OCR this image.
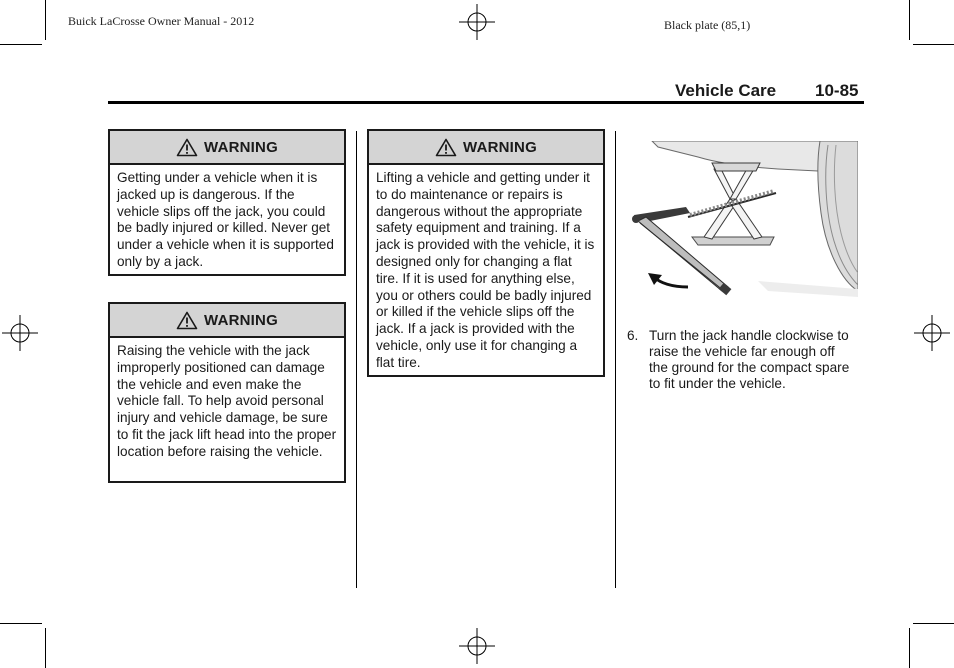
Buick LaCrosse Owner Manual - 2012	Black plate (85,1)
Vehicle Care 10-85
WARNING
Getting under a vehicle when it is jacked up is dangerous. If the vehicle slips off the jack, you could be badly injured or killed. Never get under a vehicle when it is supported only by a jack.
WARNING
Raising the vehicle with the jack improperly positioned can damage the vehicle and even make the vehicle fall. To help avoid personal injury and vehicle damage, be sure to fit the jack lift head into the proper location before raising the vehicle.
WARNING
Lifting a vehicle and getting under it to do maintenance or repairs is dangerous without the appropriate safety equipment and training. If a jack is provided with the vehicle, it is designed only for changing a flat tire. If it is used for anything else, you or others could be badly injured or killed if the vehicle slips off the jack. If a jack is provided with the vehicle, only use it for changing a flat tire.
6. Turn the jack handle clockwise to raise the vehicle far enough off the ground for the compact spare to fit under the vehicle.
